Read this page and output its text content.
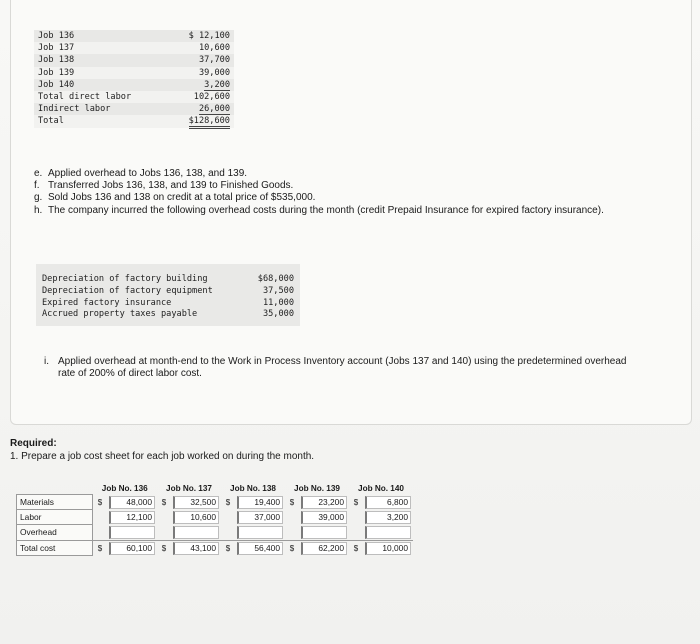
Job 136	$ 12,100
Job 137	10,600
Job 138	37,700
Job 139	39,000
Job 140	3,200
Total direct labor	102,600
Indirect labor	26,000
Total	$128,600
e. Applied overhead to Jobs 136, 138, and 139.
f. Transferred Jobs 136, 138, and 139 to Finished Goods.
g. Sold Jobs 136 and 138 on credit at a total price of $535,000.
h. The company incurred the following overhead costs during the month (credit Prepaid Insurance for expired factory insurance).
Depreciation of factory building	$68,000
Depreciation of factory equipment	37,500
Expired factory insurance	11,000
Accrued property taxes payable	35,000
i. Applied overhead at month-end to the Work in Process Inventory account (Jobs 137 and 140) using the predetermined overhead rate of 200% of direct labor cost.
Required:
1. Prepare a job cost sheet for each job worked on during the month.
	Job No. 136		Job No. 137		Job No. 138		Job No. 139		Job No. 140	
Materials	$	48,000	$	32,500	$	19,400	$	23,200	$	6,800

Labor		12,100		10,600		37,000		39,000		3,200

Overhead		

Total cost	$	60,100	$	43,100	$	56,400	$	62,200	$	10,000
